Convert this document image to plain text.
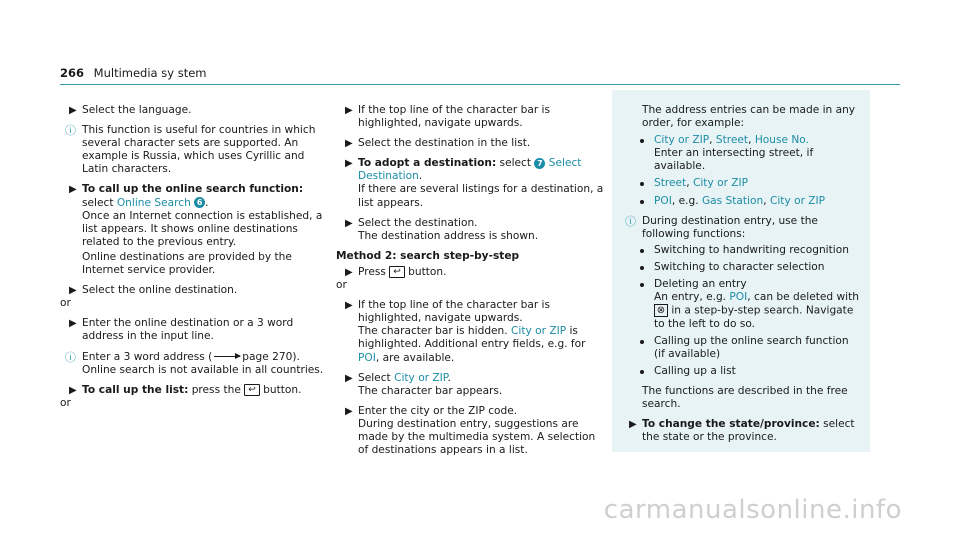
266 Multimedia sy stem
▶ Select the language.
ⓘ This function is useful for countries in which several character sets are supported. An example is Russia, which uses Cyrillic and Latin characters.
▶ To call up the online search function:
select Online Search 6 .
Once an Internet connection is established, a list appears. It shows online destinations related to the previous entry.
Online destinations are provided by the Internet service provider.
▶ Select the online destination.
or
▶ Enter the online destination or a 3 word address in the input line.
ⓘ Enter a 3 word address (	page 270).
Online search is not available in all countries.
▶ To call up the list: press the ↩ button.
or
▶ If the top line of the character bar is highlighted, navigate upwards.
▶ Select the destination in the list.
▶ To adopt a destination: select 7 Select Destination.
If there are several listings for a destination, a list appears.
▶ Select the destination.
The destination address is shown.
Method 2: search step-by-step
▶ Press ↩ button.
or
▶ If the top line of the character bar is highlighted, navigate upwards.
The character bar is hidden. City or ZIP is highlighted. Additional entry fields, e.g. for POI, are available.
▶ Select City or ZIP.
The character bar appears.
▶ Enter the city or the ZIP code.
During destination entry, suggestions are made by the multimedia system. A selection of destinations appears in a list.
The address entries can be made in any order, for example:
City or ZIP, Street, House No.
Enter an intersecting street, if available.
Street, City or ZIP
POI, e.g. Gas Station, City or ZIP
ⓘ During destination entry, use the following functions:
Switching to handwriting recognition
Switching to character selection
Deleting an entry
An entry, e.g. POI, can be deleted with
⊗ in a step-by-step search. Navigate to the left to do so.
Calling up the online search function (if available)
Calling up a list
The functions are described in the free search.
▶ To change the state/province: select the state or the province.
carmanualsonline.info
